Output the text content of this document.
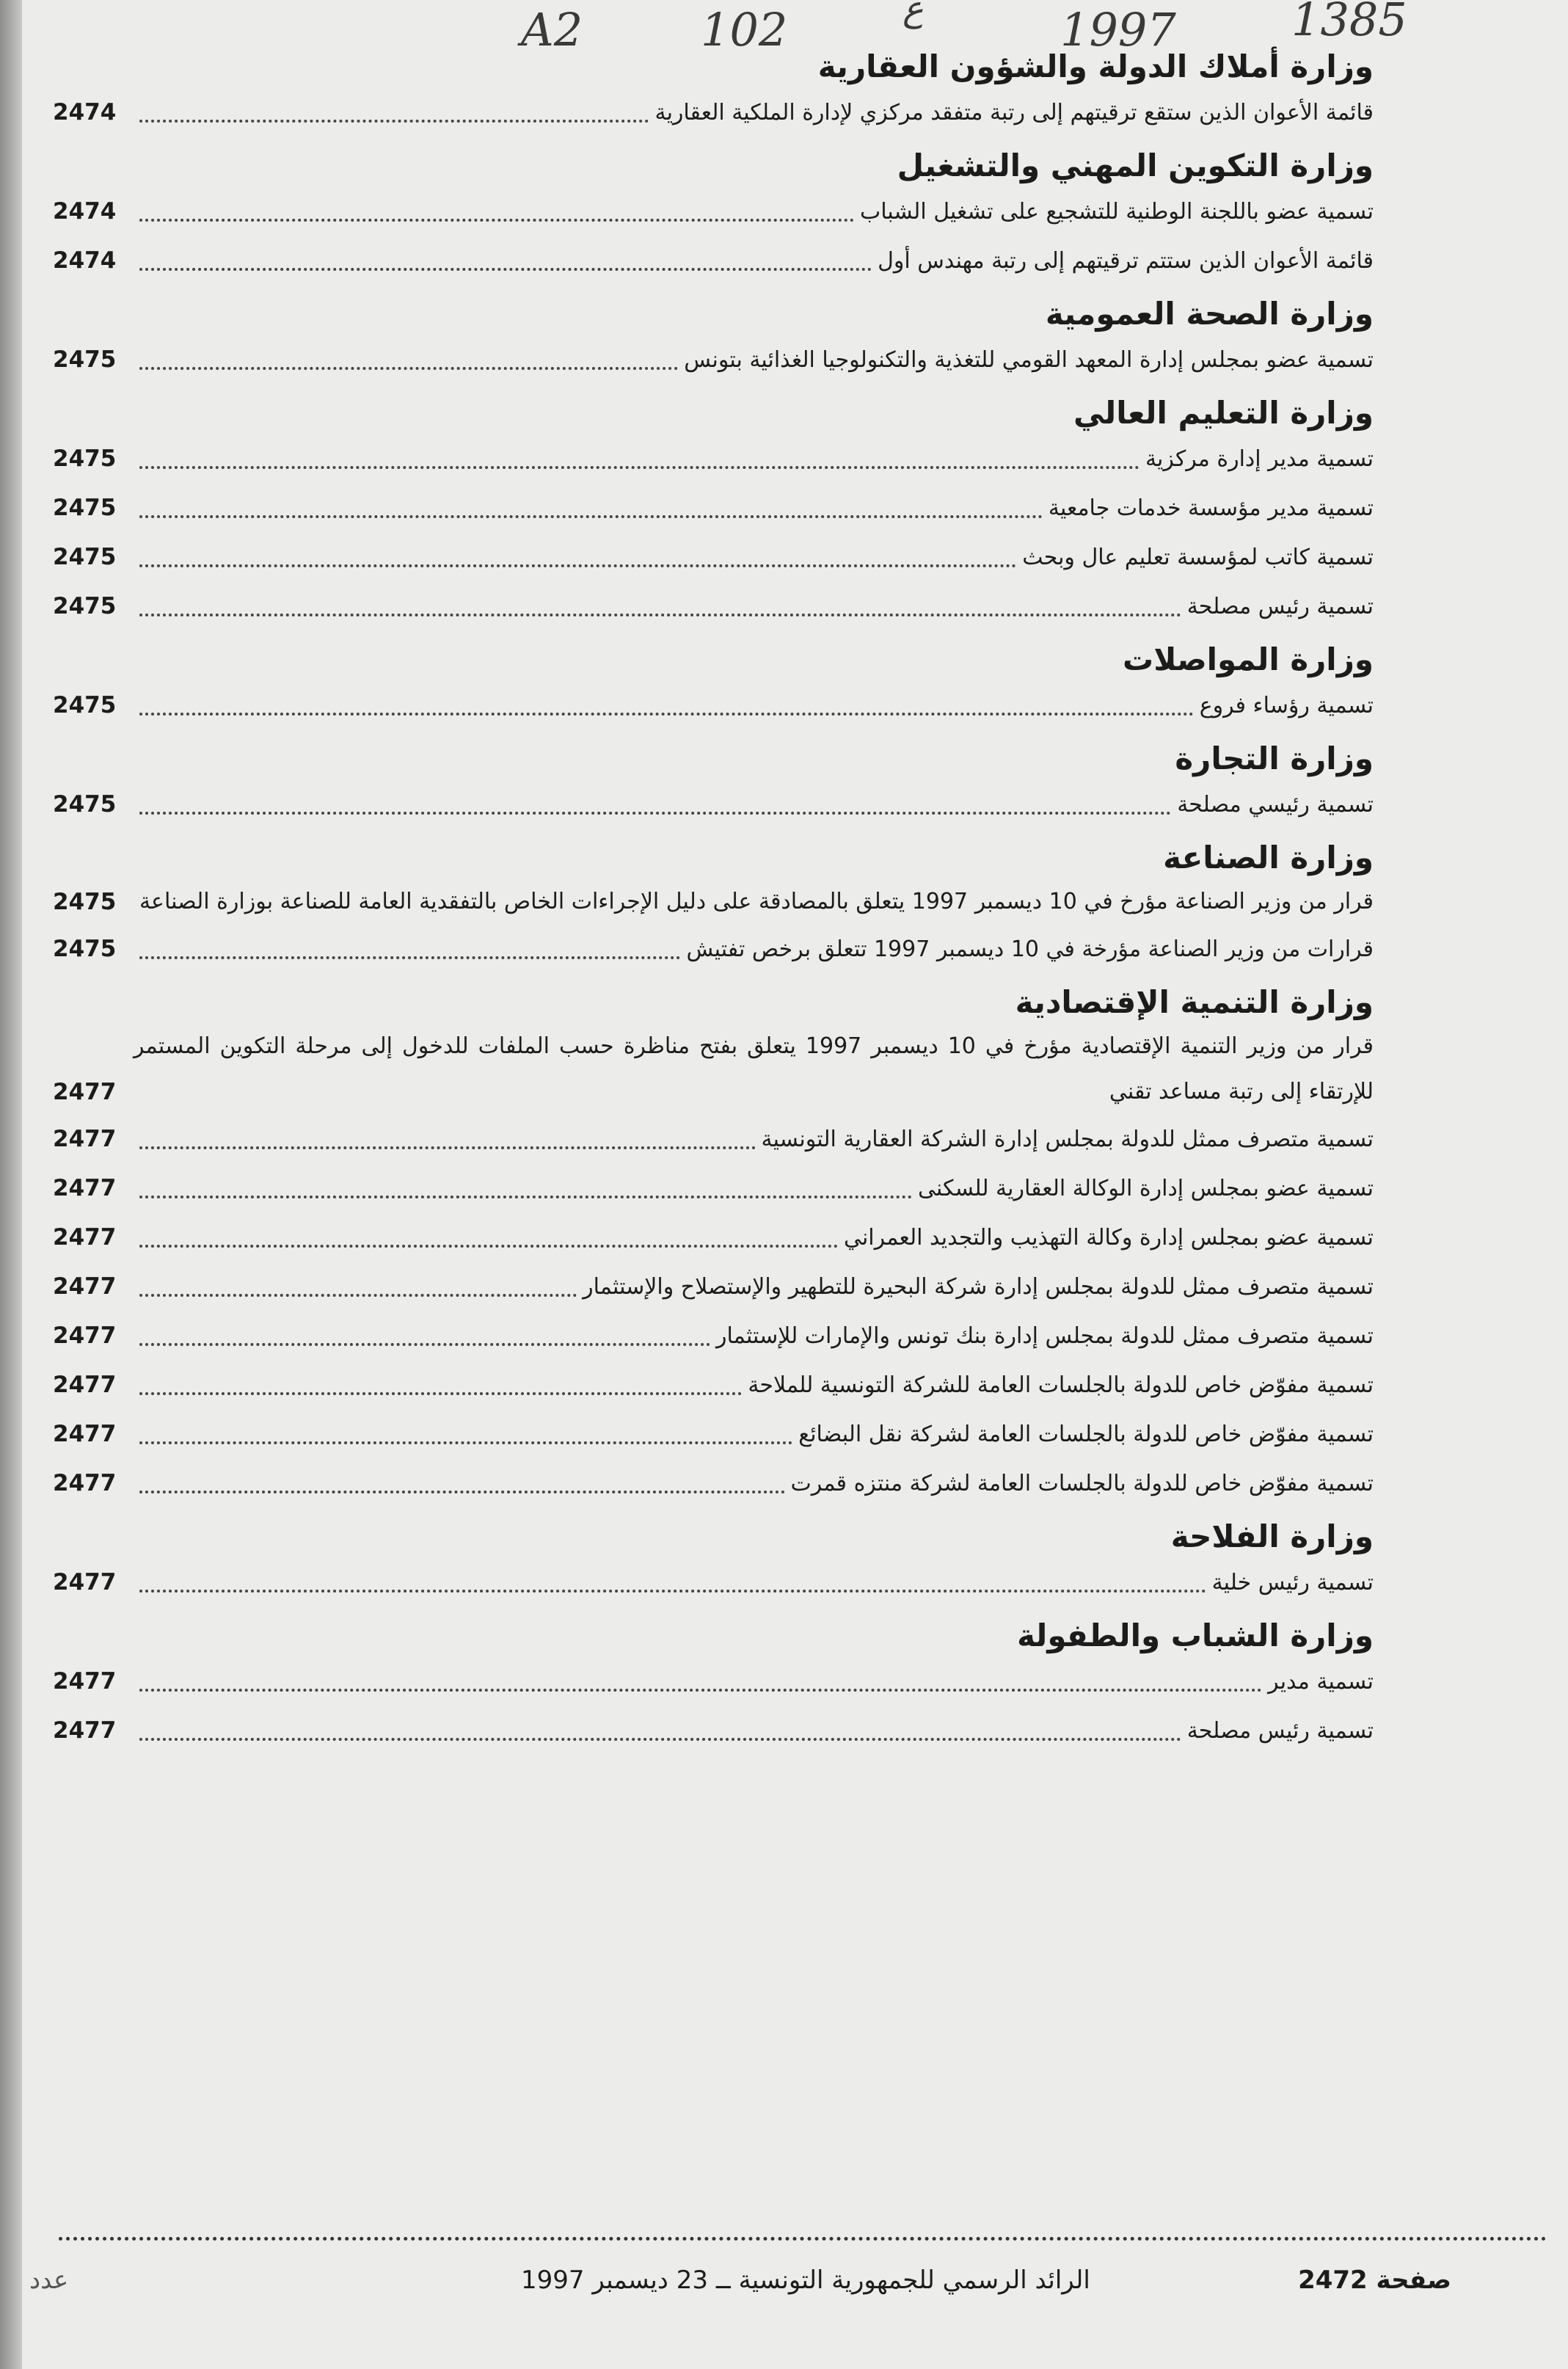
A2	102	ع	1997	1385
وزارة أملاك الدولة والشؤون العقارية
قائمة الأعوان الذين ستقع ترقيتهم إلى رتبة متفقد مركزي لإدارة الملكية العقارية
2474
وزارة التكوين المهني والتشغيل
تسمية عضو باللجنة الوطنية للتشجيع على تشغيل الشباب
2474
قائمة الأعوان الذين ستتم ترقيتهم إلى رتبة مهندس أول
2474
وزارة الصحة العمومية
تسمية عضو بمجلس إدارة المعهد القومي للتغذية والتكنولوجيا الغذائية بتونس
2475
وزارة التعليم العالي
تسمية مدير إدارة مركزية
2475
تسمية مدير مؤسسة خدمات جامعية
2475
تسمية كاتب لمؤسسة تعليم عال وبحث
2475
تسمية رئيس مصلحة
2475
وزارة المواصلات
تسمية رؤساء فروع
2475
وزارة التجارة
تسمية رئيسي مصلحة
2475
وزارة الصناعة
قرار من وزير الصناعة مؤرخ في 10 ديسمبر 1997 يتعلق بالمصادقة على دليل الإجراءات الخاص بالتفقدية العامة للصناعة بوزارة الصناعة
2475
قرارات من وزير الصناعة مؤرخة في 10 ديسمبر 1997 تتعلق برخص تفتيش
2475
وزارة التنمية الإقتصادية
قرار من وزير التنمية الإقتصادية مؤرخ في 10 ديسمبر 1997 يتعلق بفتح مناظرة حسب الملفات للدخول إلى مرحلة التكوين المستمر للإرتقاء إلى رتبة مساعد تقني
2477
تسمية متصرف ممثل للدولة بمجلس إدارة الشركة العقارية التونسية
2477
تسمية عضو بمجلس إدارة الوكالة العقارية للسكنى
2477
تسمية عضو بمجلس إدارة وكالة التهذيب والتجديد العمراني
2477
تسمية متصرف ممثل للدولة بمجلس إدارة شركة البحيرة للتطهير والإستصلاح والإستثمار
2477
تسمية متصرف ممثل للدولة بمجلس إدارة بنك تونس والإمارات للإستثمار
2477
تسمية مفوّض خاص للدولة بالجلسات العامة للشركة التونسية للملاحة
2477
تسمية مفوّض خاص للدولة بالجلسات العامة لشركة نقل البضائع
2477
تسمية مفوّض خاص للدولة بالجلسات العامة لشركة منتزه قمرت
2477
وزارة الفلاحة
تسمية رئيس خلية
2477
وزارة الشباب والطفولة
تسمية مدير
2477
تسمية رئيس مصلحة
2477
عدد	الرائد الرسمي للجمهورية التونسية ــ 23 ديسمبر 1997	صفحة 2472
